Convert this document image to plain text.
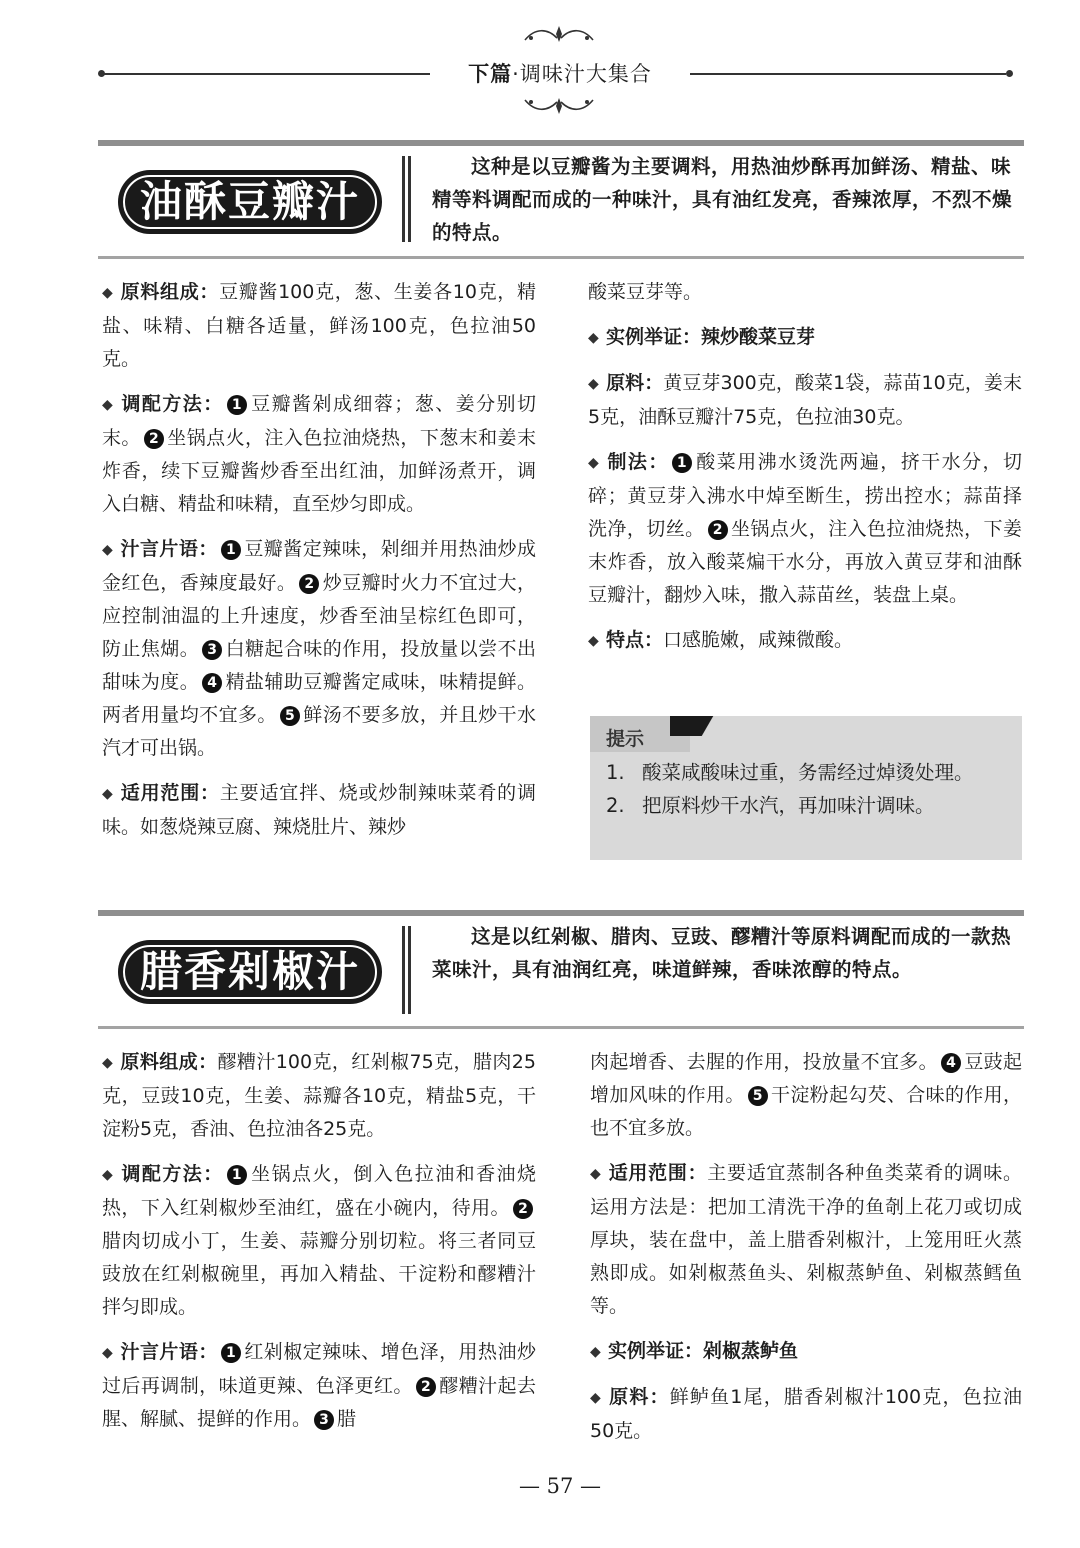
下篇·调味汁大集合
油酥豆瓣汁
这种是以豆瓣酱为主要调料，用热油炒酥再加鲜汤、精盐、味精等料调配而成的一种味汁，具有油红发亮，香辣浓厚，不烈不燥的特点。

◆ 原料组成：豆瓣酱100克，葱、生姜各10克，精盐、味精、白糖各适量，鲜汤100克，色拉油50克。

◆ 调配方法： 1 豆瓣酱剁成细蓉；葱、姜分别切末。 2 坐锅点火，注入色拉油烧热，下葱末和姜末炸香，续下豆瓣酱炒香至出红油，加鲜汤煮开，调入白糖、精盐和味精，直至炒匀即成。

◆ 汁言片语： 1 豆瓣酱定辣味，剁细并用热油炒成金红色，香辣度最好。 2 炒豆瓣时火力不宜过大，应控制油温的上升速度，炒香至油呈棕红色即可，防止焦煳。 3 白糖起合味的作用，投放量以尝不出甜味为度。 4 精盐辅助豆瓣酱定咸味，味精提鲜。两者用量均不宜多。 5 鲜汤不要多放，并且炒干水汽才可出锅。

◆ 适用范围：主要适宜拌、烧或炒制辣味菜肴的调味。如葱烧辣豆腐、辣烧肚片、辣炒

酸菜豆芽等。

◆ 实例举证：辣炒酸菜豆芽

◆ 原料：黄豆芽300克，酸菜1袋，蒜苗10克，姜末5克，油酥豆瓣汁75克，色拉油30克。

◆ 制法： 1 酸菜用沸水烫洗两遍，挤干水分，切碎；黄豆芽入沸水中焯至断生，捞出控水；蒜苗择洗净，切丝。 2 坐锅点火，注入色拉油烧热，下姜末炸香，放入酸菜煸干水分，再放入黄豆芽和油酥豆瓣汁，翻炒入味，撒入蒜苗丝，装盘上桌。

◆ 特点：口感脆嫩，咸辣微酸。

提示
1. 酸菜咸酸味过重，务需经过焯烫处理。
2. 把原料炒干水汽，再加味汁调味。
腊香剁椒汁
这是以红剁椒、腊肉、豆豉、醪糟汁等原料调配而成的一款热菜味汁，具有油润红亮，味道鲜辣，香味浓醇的特点。

◆ 原料组成：醪糟汁100克，红剁椒75克，腊肉25克，豆豉10克，生姜、蒜瓣各10克，精盐5克，干淀粉5克，香油、色拉油各25克。

◆ 调配方法： 1 坐锅点火，倒入色拉油和香油烧热，下入红剁椒炒至油红，盛在小碗内，待用。 2腊肉切成小丁，生姜、蒜瓣分别切粒。将三者同豆豉放在红剁椒碗里，再加入精盐、干淀粉和醪糟汁拌匀即成。

◆ 汁言片语： 1 红剁椒定辣味、增色泽，用热油炒过后再调制，味道更辣、色泽更红。 2 醪糟汁起去腥、解腻、提鲜的作用。 3 腊

肉起增香、去腥的作用，投放量不宜多。 4 豆豉起增加风味的作用。 5 干淀粉起勾芡、合味的作用，也不宜多放。

◆ 适用范围：主要适宜蒸制各种鱼类菜肴的调味。运用方法是：把加工清洗干净的鱼剞上花刀或切成厚块，装在盘中，盖上腊香剁椒汁，上笼用旺火蒸熟即成。如剁椒蒸鱼头、剁椒蒸鲈鱼、剁椒蒸鳕鱼等。

◆ 实例举证：剁椒蒸鲈鱼

◆ 原料：鲜鲈鱼1尾，腊香剁椒汁100克，色拉油50克。

— 57 —
